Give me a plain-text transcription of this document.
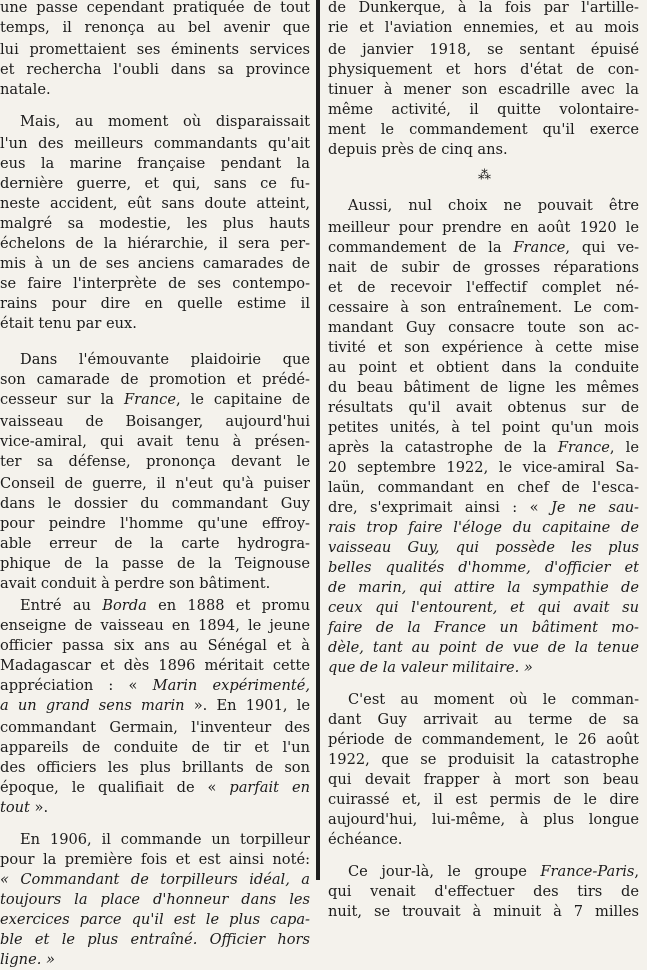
une passe cependant pratiquée de tout
temps, il renonça au bel avenir que
lui promettaient ses éminents services
et recherchа l'oubli dans sa province
natale.
Mais, au moment où disparaissait
l'un des meilleurs commandants qu'ait
eus la marine française pendant la
dernière guerre, et qui, sans ce fu-
neste accident, eût sans doute atteint,
malgré sa modestie, les plus hauts
échelons de la hiérarchie, il sera per-
mis à un de ses anciens camarades de
se faire l'interprète de ses contempo-
rains pour dire en quelle estime il
était tenu par eux.
Dans l'émouvante plaidoirie que
son camarade de promotion et prédé-
cesseur sur la France, le capitaine de
vaisseau de Boisanger, aujourd'hui
vice-amiral, qui avait tenu à présen-
ter sa défense, prononça devant le
Conseil de guerre, il n'eut qu'à puiser
dans le dossier du commandant Guy
pour peindre l'homme qu'une effroy-
able erreur de la carte hydrogra-
phique de la passe de la Teignouse
avait conduit à perdre son bâtiment.
Entré au Borda en 1888 et promu
enseigne de vaisseau en 1894, le jeune
officier passa six ans au Sénégal et à
Madagascar et dès 1896 méritait cette
appréciation : « Marin expérimenté,
a un grand sens marin ». En 1901, le
commandant Germain, l'inventeur des
appareils de conduite de tir et l'un
des officiers les plus brillants de son
époque, le qualifiait de « parfait en
tout ».
En 1906, il commande un torpilleur
pour la première fois et est ainsi noté:
« Commandant de torpilleurs idéal, a
toujours la place d'honneur dans les
exercices parce qu'il est le plus capa-
ble et le plus entraîné. Officier hors
ligne. »
de Dunkerque, à la fois par l'artille-
rie et l'aviation ennemies, et au mois
de janvier 1918, se sentant épuisé
physiquement et hors d'état de con-
tinuer à mener son escadrille avec la
même activité, il quitte volontaire-
ment le commandement qu'il exerce
depuis près de cinq ans.
Aussi, nul choix ne pouvait être
meilleur pour prendre en août 1920 le
commandement de la France, qui ve-
nait de subir de grosses réparations
et de recevoir l'effectif complet né-
cessaire à son entraînement. Le com-
mandant Guy consacre toute son ac-
tivité et son expérience à cette mise
au point et obtient dans la conduite
du beau bâtiment de ligne les mêmes
résultats qu'il avait obtenus sur de
petites unités, à tel point qu'un mois
après la catastrophe de la France, le
20 septembre 1922, le vice-amiral Sa-
laün, commandant en chef de l'esca-
dre, s'exprimait ainsi : « Je ne sau-
rais trop faire l'éloge du capitaine de
vaisseau Guy, qui possède les plus
belles qualités d'homme, d'officier et
de marin, qui attire la sympathie de
ceux qui l'entourent, et qui avait su
faire de la France un bâtiment mo-
dèle, tant au point de vue de la tenue
que de la valeur militaire. »
C'est au moment où le comman-
dant Guy arrivait au terme de sa
période de commandement, le 26 août
1922, que se produisit la catastrophe
qui devait frapper à mort son beau
cuirassé et, il est permis de le dire
aujourd'hui, lui-même, à plus longue
échéance.
Ce jour-là, le groupe France-Paris,
qui venait d'effectuer des tirs de
nuit, se trouvait à minuit à 7 milles
⁂
